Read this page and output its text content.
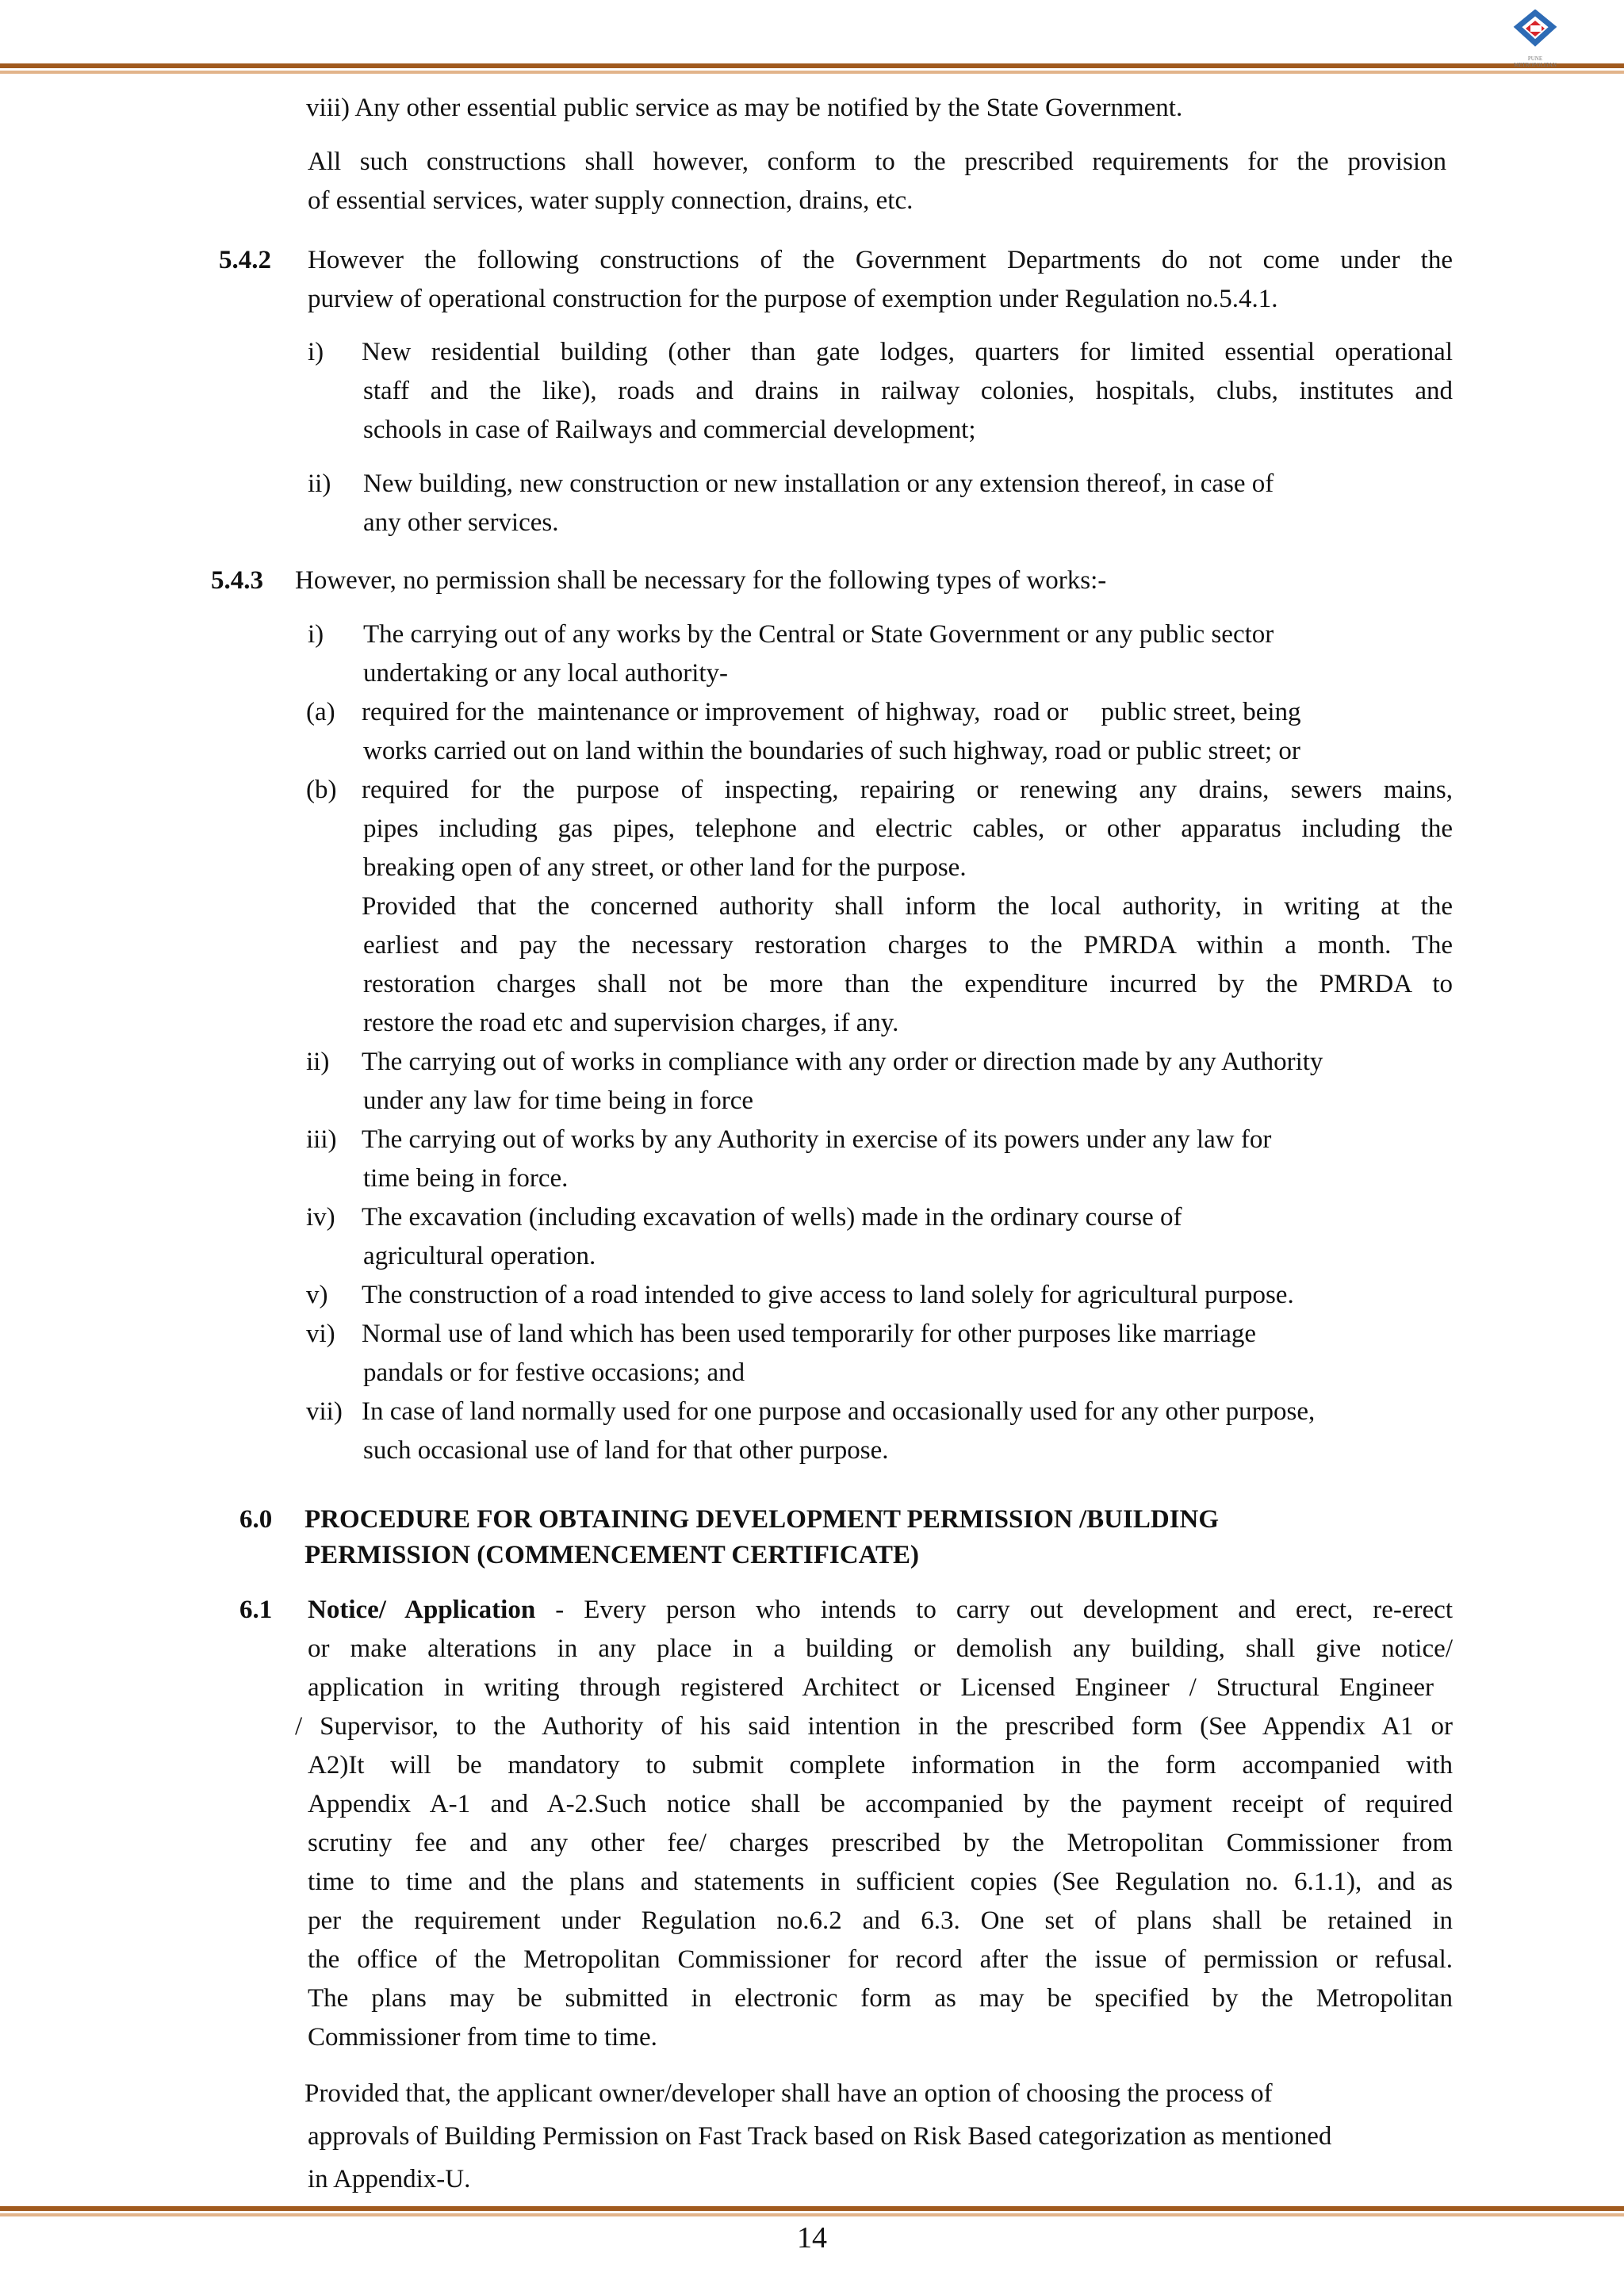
PUNE METROPOLITAN
viii) Any other essential public service as may be notified by the State Government.
All such constructions shall however, conform to the prescribed requirements for the provision
of essential services, water supply connection, drains, etc.
5.4.2 However the following constructions of the Government Departments do not come under the
purview of operational construction for the purpose of exemption under Regulation no.5.4.1.
i) New residential building (other than gate lodges, quarters for limited essential operational
staff and the like), roads and drains in railway colonies, hospitals, clubs, institutes and
schools in case of Railways and commercial development;
ii) New building, new construction or new installation or any extension thereof, in case of
any other services.
5.4.3 However, no permission shall be necessary for the following types of works:-
i) The carrying out of any works by the Central or State Government or any public sector
undertaking or any local authority-
(a) required for the  maintenance or improvement  of highway,  road or     public street, being
works carried out on land within the boundaries of such highway, road or public street; or
(b) required for the purpose of inspecting, repairing or renewing any drains, sewers mains,
pipes including gas pipes, telephone and electric cables, or other apparatus including the
breaking open of any street, or other land for the purpose.
Provided that the concerned authority shall inform the local authority, in writing at the
earliest and pay the necessary restoration charges to the PMRDA within a month. The
restoration charges shall not be more than the expenditure incurred by the PMRDA to
restore the road etc and supervision charges, if any.
ii) The carrying out of works in compliance with any order or direction made by any Authority
under any law for time being in force
iii) The carrying out of works by any Authority in exercise of its powers under any law for
time being in force.
iv) The excavation (including excavation of wells) made in the ordinary course of
agricultural operation.
v) The construction of a road intended to give access to land solely for agricultural purpose.
vi) Normal use of land which has been used temporarily for other purposes like marriage
pandals or for festive occasions; and
vii) In case of land normally used for one purpose and occasionally used for any other purpose,
such occasional use of land for that other purpose.
6.0 PROCEDURE FOR OBTAINING DEVELOPMENT PERMISSION /BUILDING
PERMISSION (COMMENCEMENT CERTIFICATE)
6.1 Notice/ Application - Every person who intends to carry out development and erect, re-erect
or make alterations in any place in a building or demolish any building, shall give notice/
application in writing through registered Architect or Licensed Engineer / Structural Engineer
/ Supervisor, to the Authority of his said intention in the prescribed form (See Appendix A1 or
A2)It will be mandatory to submit complete information in the form accompanied with
Appendix A-1 and A-2.Such notice shall be accompanied by the payment receipt of required
scrutiny fee and any other fee/ charges prescribed by the Metropolitan Commissioner from
time to time and the plans and statements in sufficient copies (See Regulation no. 6.1.1), and as
per the requirement under Regulation no.6.2 and 6.3. One set of plans shall be retained in
the office of the Metropolitan Commissioner for record after the issue of permission or refusal.
The plans may be submitted in electronic form as may be specified by the Metropolitan
Commissioner from time to time.
Provided that, the applicant owner/developer shall have an option of choosing the process of
approvals of Building Permission on Fast Track based on Risk Based categorization as mentioned
in Appendix-U.
14
